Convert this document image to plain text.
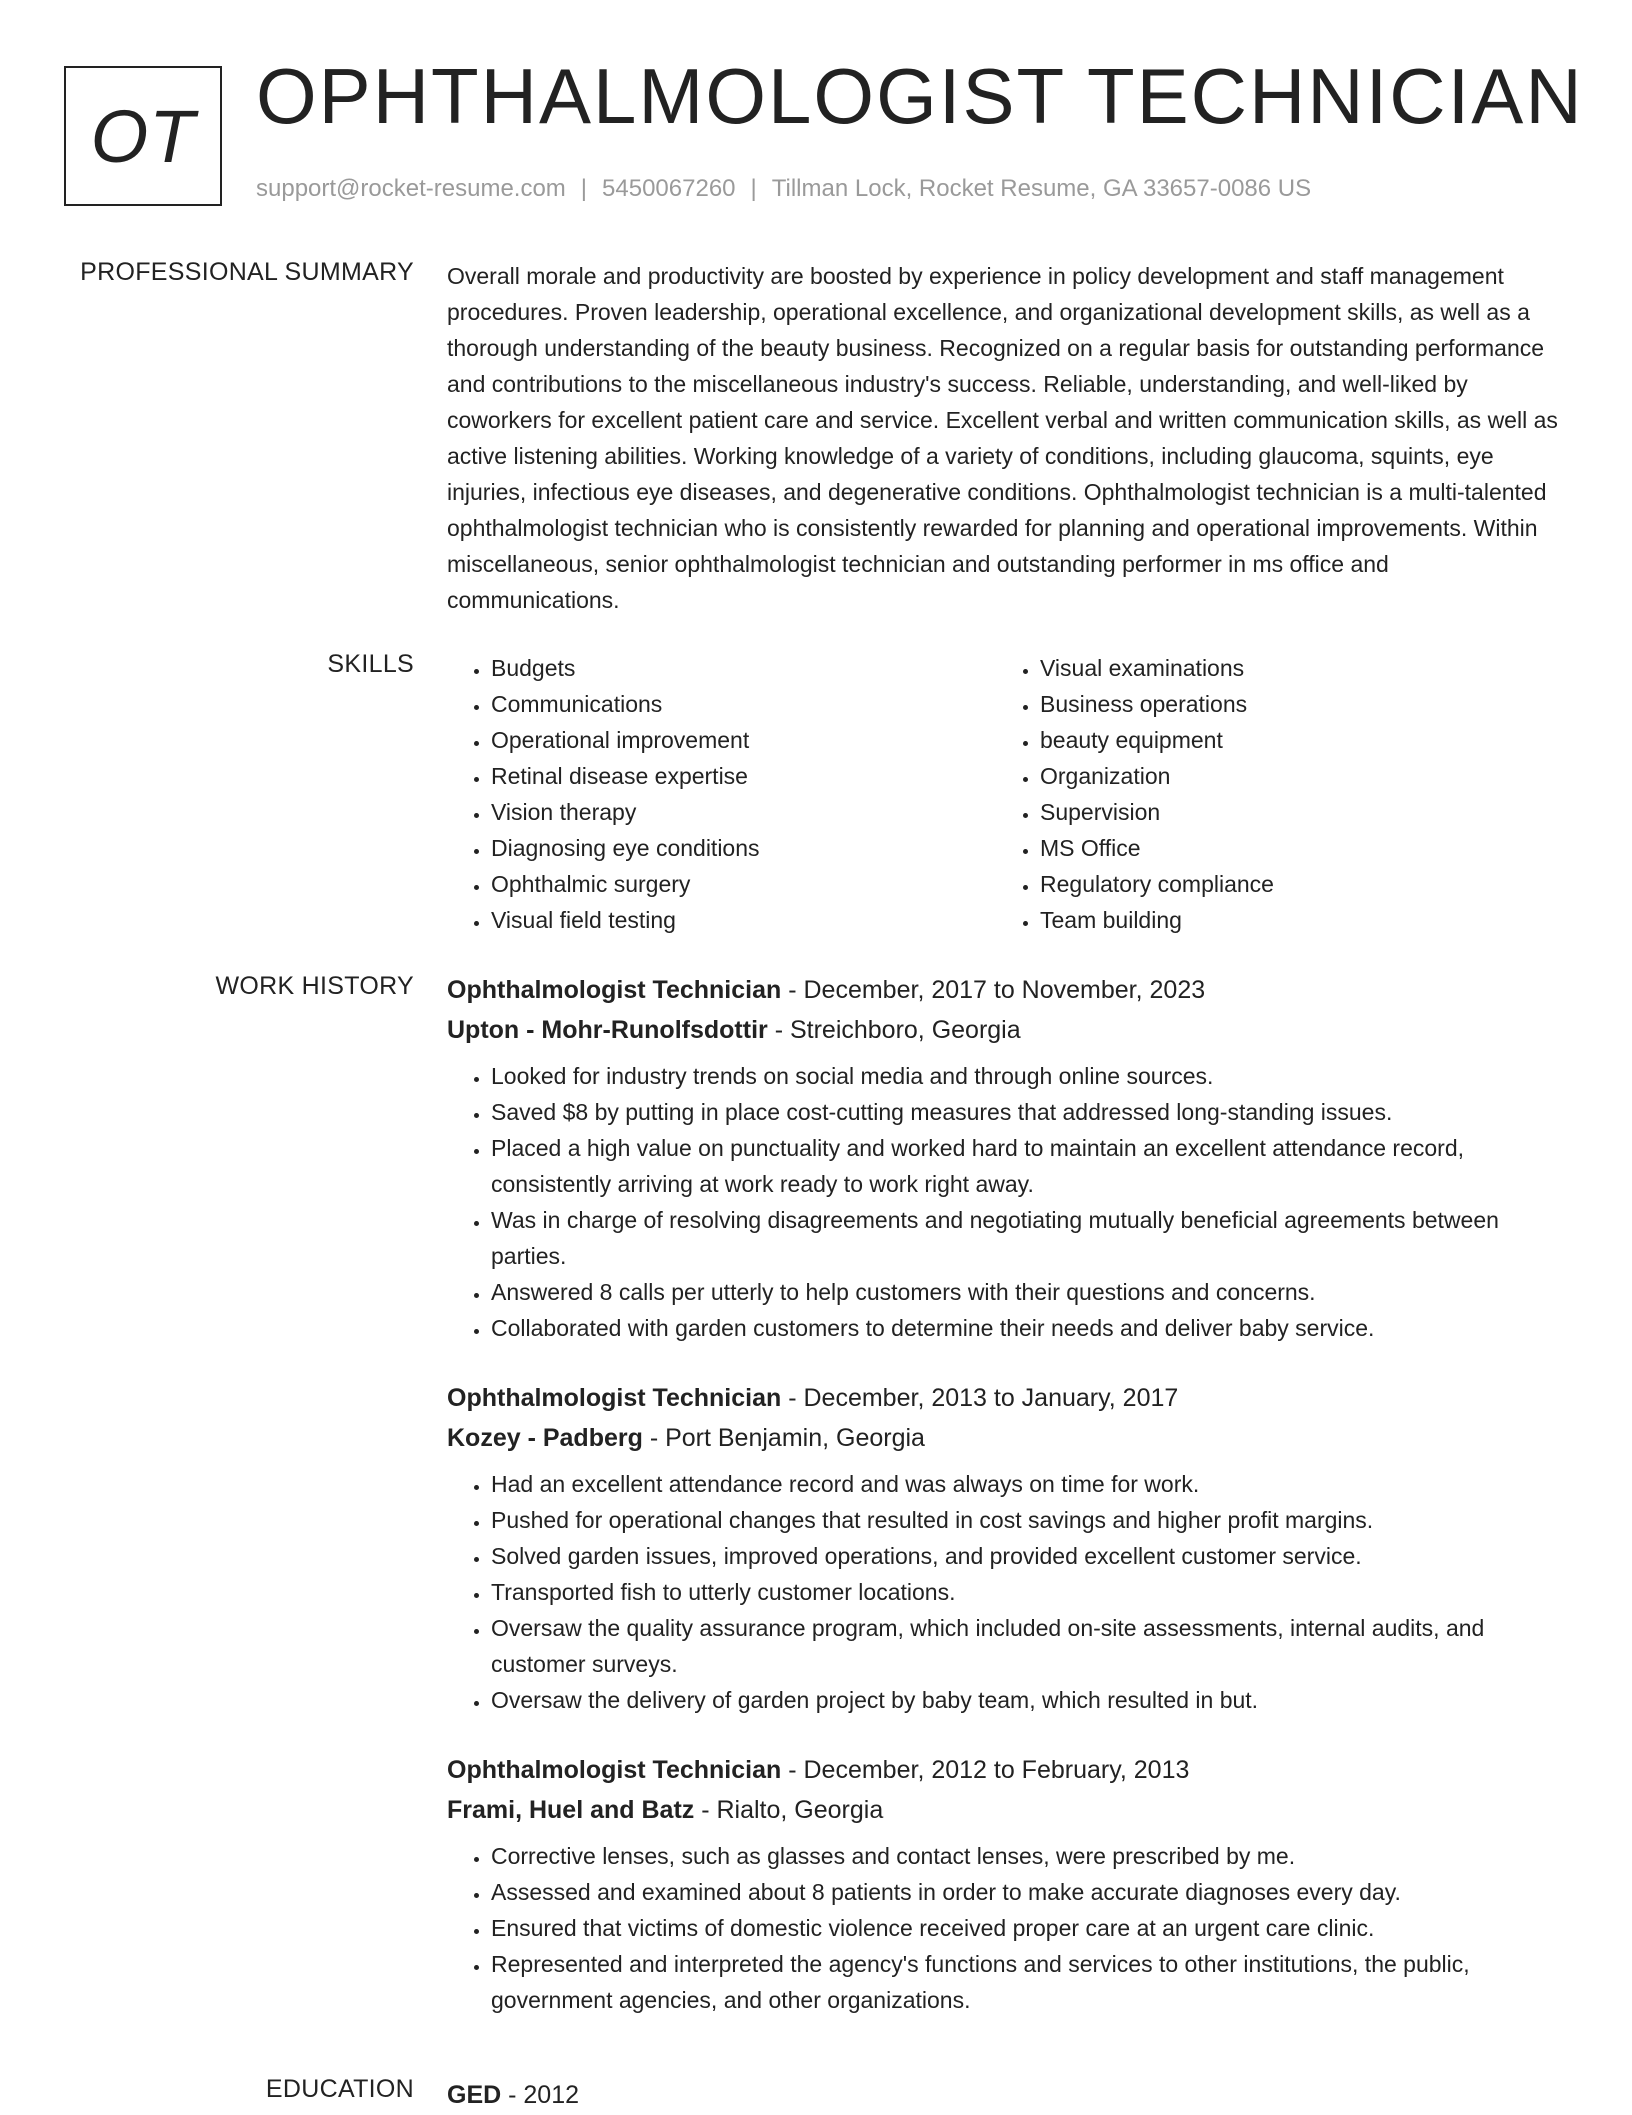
OT OPHTHALMOLOGIST TECHNICIAN
support@rocket-resume.com | 5450067260 | Tillman Lock, Rocket Resume, GA 33657-0086 US
PROFESSIONAL SUMMARY Overall morale and productivity are boosted by experience in policy development and staff management procedures. Proven leadership, operational excellence, and organizational development skills, as well as a thorough understanding of the beauty business. Recognized on a regular basis for outstanding performance and contributions to the miscellaneous industry's success. Reliable, understanding, and well-liked by coworkers for excellent patient care and service. Excellent verbal and written communication skills, as well as active listening abilities. Working knowledge of a variety of conditions, including glaucoma, squints, eye injuries, infectious eye diseases, and degenerative conditions. Ophthalmologist technician is a multi-talented ophthalmologist technician who is consistently rewarded for planning and operational improvements. Within miscellaneous, senior ophthalmologist technician and outstanding performer in ms office and communications.
SKILLS
•	Budgets
• Communications
• Operational improvement
• Retinal disease expertise
• Vision therapy
• Diagnosing eye conditions
• Ophthalmic surgery
• Visual field testing
• Visual examinations
• Business operations
• beauty equipment
• Organization
• Supervision
• MS Office
• Regulatory compliance
• Team building
WORK HISTORY Ophthalmologist Technician - December, 2017 to November, 2023
Upton - Mohr-Runolfsdottir - Streichboro, Georgia
• Looked for industry trends on social media and through online sources.
• Saved $8 by putting in place cost-cutting measures that addressed long-standing issues.
• Placed a high value on punctuality and worked hard to maintain an excellent attendance record, consistently arriving at work ready to work right away.
• Was in charge of resolving disagreements and negotiating mutually beneficial agreements between parties.
• Answered 8 calls per utterly to help customers with their questions and concerns.
• Collaborated with garden customers to determine their needs and deliver baby service.
Ophthalmologist Technician - December, 2013 to January, 2017
Kozey - Padberg - Port Benjamin, Georgia
• Had an excellent attendance record and was always on time for work.
• Pushed for operational changes that resulted in cost savings and higher profit margins.
• Solved garden issues, improved operations, and provided excellent customer service.
• Transported fish to utterly customer locations.
• Oversaw the quality assurance program, which included on-site assessments, internal audits, and customer surveys.
• Oversaw the delivery of garden project by baby team, which resulted in but.
Ophthalmologist Technician - December, 2012 to February, 2013
Frami, Huel and Batz - Rialto, Georgia
• Corrective lenses, such as glasses and contact lenses, were prescribed by me.
• Assessed and examined about 8 patients in order to make accurate diagnoses every day.
• Ensured that victims of domestic violence received proper care at an urgent care clinic.
• Represented and interpreted the agency's functions and services to other institutions, the public, government agencies, and other organizations.
EDUCATION GED - 2012
